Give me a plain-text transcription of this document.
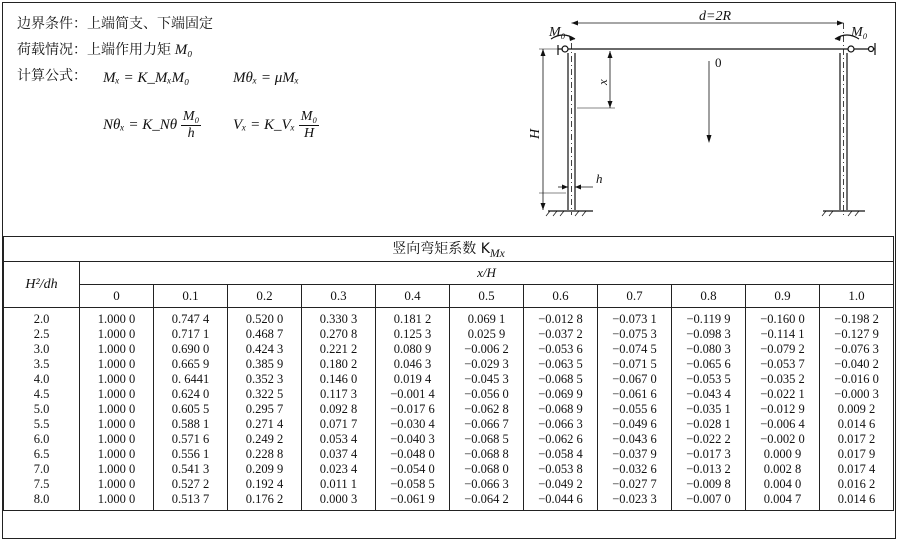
边界条件：上端简支、下端固定
荷载情况：上端作用力矩 M₀
计算公式：	Mₓ = K_MₓM₀	Mθₓ = μMₓ
Nθₓ = K_Nθ $\frac{\text{M₀}}{h}$ Vₓ = K_Vₓ $\frac{\text{M₀}}{H}$
M₀	M₀
d=2R
0
x
H
h
竖向弯矩系数 $K_{Mx}$
H²/dh	x/H										
	0	0.1	0.2	0.3	0.4	0.5	0.6	0.7	0.8	0.9	1.0
2.0	1.000 0	0.747 4	0.520 0	0.330 3	0.181 2	0.069 1	−0.012 8	−0.073 1	−0.119 9	−0.160 0	−0.198 2
2.5	1.000 0	0.717 1	0.468 7	0.270 8	0.125 3	0.025 9	−0.037 2	−0.075 3	−0.098 3	−0.114 1	−0.127 9
3.0	1.000 0	0.690 0	0.424 3	0.221 2	0.080 9	−0.006 2	−0.053 6	−0.074 5	−0.080 3	−0.079 2	−0.076 3
3.5	1.000 0	0.665 9	0.385 9	0.180 2	0.046 3	−0.029 3	−0.063 5	−0.071 5	−0.065 6	−0.053 7	−0.040 2
4.0	1.000 0	0. 6441	0.352 3	0.146 0	0.019 4	−0.045 3	−0.068 5	−0.067 0	−0.053 5	−0.035 2	−0.016 0
4.5	1.000 0	0.624 0	0.322 5	0.117 3	−0.001 4	−0.056 0	−0.069 9	−0.061 6	−0.043 4	−0.022 1	−0.000 3
5.0	1.000 0	0.605 5	0.295 7	0.092 8	−0.017 6	−0.062 8	−0.068 9	−0.055 6	−0.035 1	−0.012 9	0.009 2
5.5	1.000 0	0.588 1	0.271 4	0.071 7	−0.030 4	−0.066 7	−0.066 3	−0.049 6	−0.028 1	−0.006 4	0.014 6
6.0	1.000 0	0.571 6	0.249 2	0.053 4	−0.040 3	−0.068 5	−0.062 6	−0.043 6	−0.022 2	−0.002 0	0.017 2
6.5	1.000 0	0.556 1	0.228 8	0.037 4	−0.048 0	−0.068 8	−0.058 4	−0.037 9	−0.017 3	0.000 9	0.017 9
7.0	1.000 0	0.541 3	0.209 9	0.023 4	−0.054 0	−0.068 0	−0.053 8	−0.032 6	−0.013 2	0.002 8	0.017 4
7.5	1.000 0	0.527 2	0.192 4	0.011 1	−0.058 5	−0.066 3	−0.049 2	−0.027 7	−0.009 8	0.004 0	0.016 2
8.0	1.000 0	0.513 7	0.176 2	0.000 3	−0.061 9	−0.064 2	−0.044 6	−0.023 3	−0.007 0	0.004 7	0.014 6
